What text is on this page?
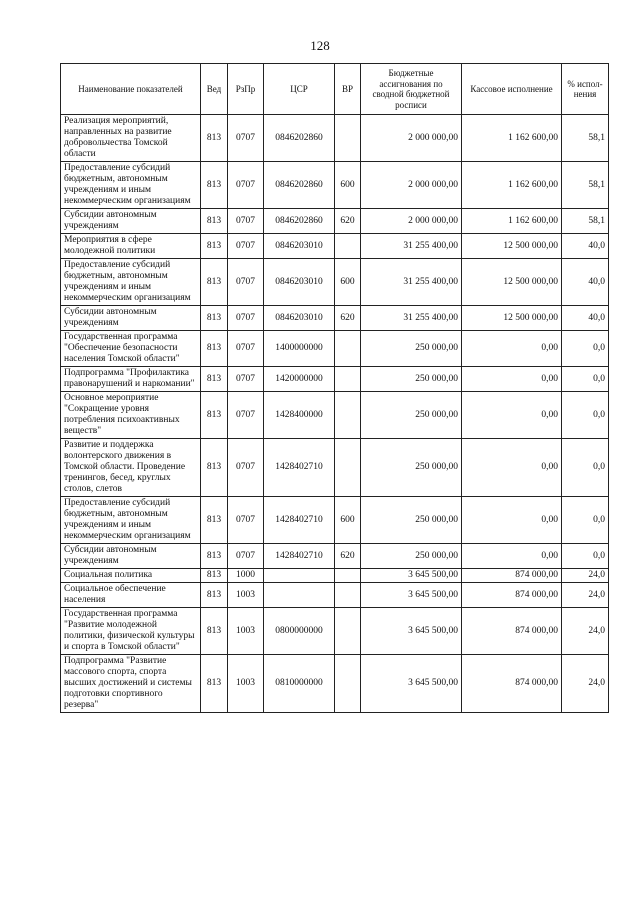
128
Наименование показателей	Вед	РзПр	ЦСР	ВР	Бюджетные ассигнования по сводной бюджетной росписи	Кассовое исполнение	% испол- нения
Реализация мероприятий, направленных на развитие добровольчества Томской области	813	0707	0846202860		2 000 000,00	1 162 600,00	58,1
Предоставление субсидий бюджетным, автономным учреждениям и иным некоммерческим организациям	813	0707	0846202860	600	2 000 000,00	1 162 600,00	58,1
Субсидии автономным учреждениям	813	0707	0846202860	620	2 000 000,00	1 162 600,00	58,1
Мероприятия в сфере молодежной политики	813	0707	0846203010		31 255 400,00	12 500 000,00	40,0
Предоставление субсидий бюджетным, автономным учреждениям и иным некоммерческим организациям	813	0707	0846203010	600	31 255 400,00	12 500 000,00	40,0
Субсидии автономным учреждениям	813	0707	0846203010	620	31 255 400,00	12 500 000,00	40,0
Государственная программа "Обеспечение безопасности населения Томской области"	813	0707	1400000000		250 000,00	0,00	0,0
Подпрограмма "Профилактика правонарушений и наркомании"	813	0707	1420000000		250 000,00	0,00	0,0
Основное мероприятие "Сокращение уровня потребления психоактивных веществ"	813	0707	1428400000		250 000,00	0,00	0,0
Развитие и поддержка волонтерского движения в Томской области. Проведение тренингов, бесед, круглых столов, слетов	813	0707	1428402710		250 000,00	0,00	0,0
Предоставление субсидий бюджетным, автономным учреждениям и иным некоммерческим организациям	813	0707	1428402710	600	250 000,00	0,00	0,0
Субсидии автономным учреждениям	813	0707	1428402710	620	250 000,00	0,00	0,0
Социальная политика	813	1000			3 645 500,00	874 000,00	24,0
Социальное обеспечение населения	813	1003			3 645 500,00	874 000,00	24,0
Государственная программа "Развитие молодежной политики, физической культуры и спорта в Томской области"	813	1003	0800000000		3 645 500,00	874 000,00	24,0
Подпрограмма "Развитие массового спорта, спорта высших достижений и системы подготовки спортивного резерва"	813	1003	0810000000		3 645 500,00	874 000,00	24,0
